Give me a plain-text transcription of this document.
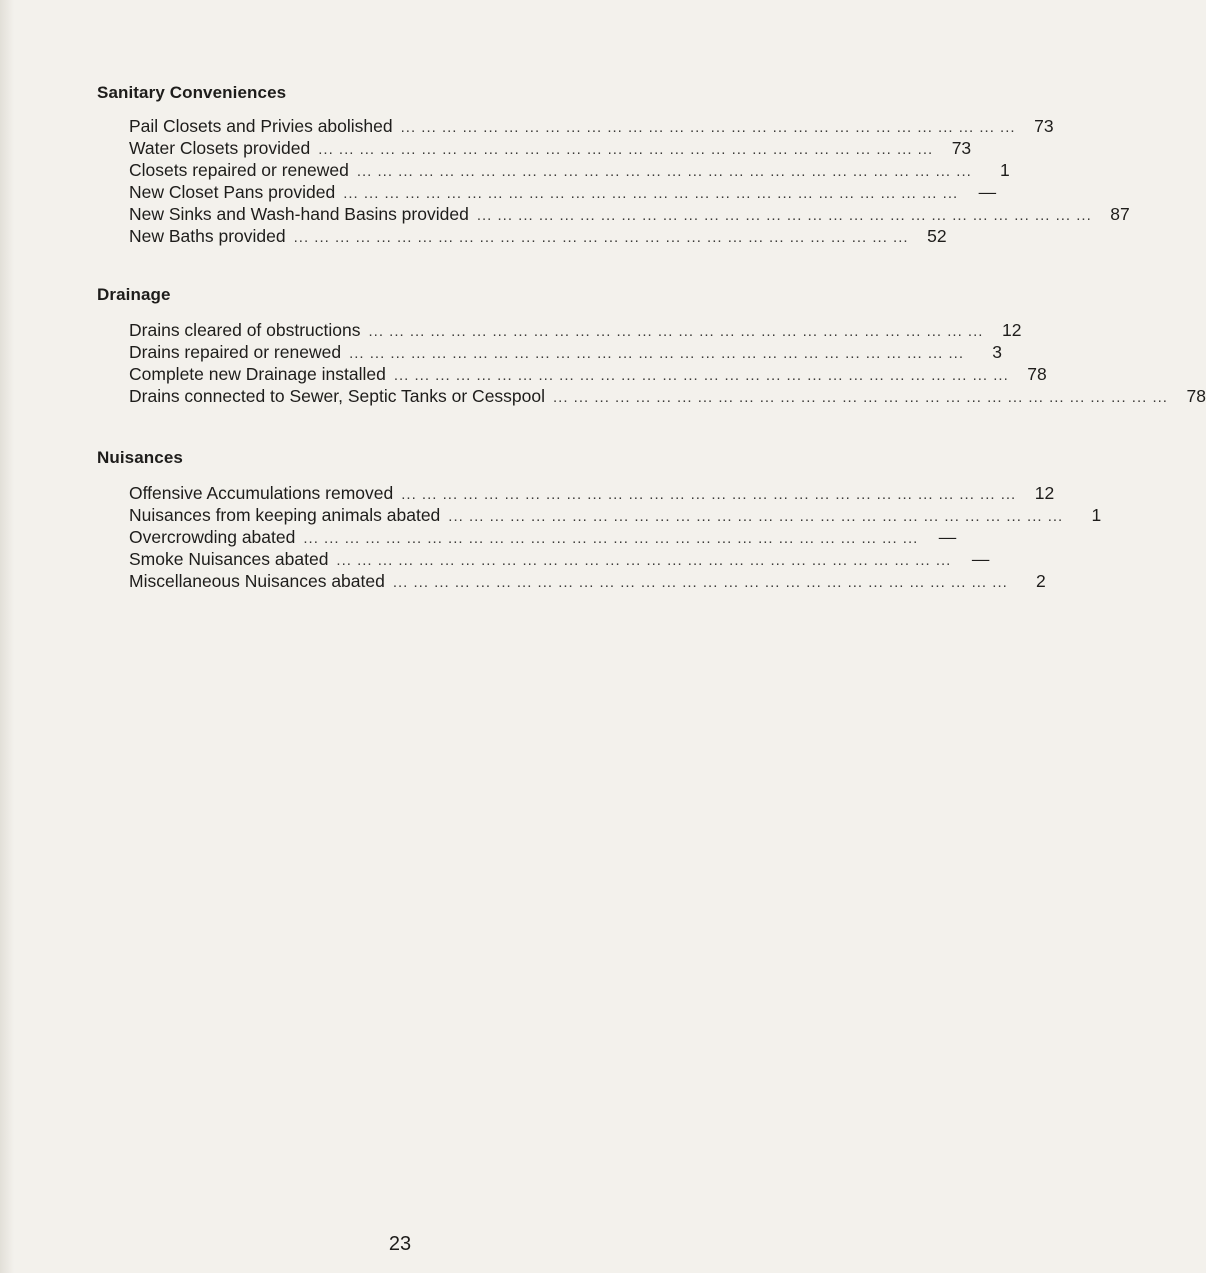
Sanitary Conveniences
Pail Closets and Privies abolished ... ... ... ... ... ... ... ... ... ... ... ... ... ... ... ... ... ... ... ... ... ... ... ... ... ... ... ... ... ...	73
Water Closets provided ... ... ... ... ... ... ... ... ... ... ... ... ... ... ... ... ... ... ... ... ... ... ... ... ... ... ... ... ... ...	73
Closets repaired or renewed ... ... ... ... ... ... ... ... ... ... ... ... ... ... ... ... ... ... ... ... ... ... ... ... ... ... ... ... ... ...	1
New Closet Pans provided ... ... ... ... ... ... ... ... ... ... ... ... ... ... ... ... ... ... ... ... ... ... ... ... ... ... ... ... ... ...	—
New Sinks and Wash-hand Basins provided ... ... ... ... ... ... ... ... ... ... ... ... ... ... ... ... ... ... ... ... ... ... ... ... ... ... ... ... ... ...	87
New Baths provided ... ... ... ... ... ... ... ... ... ... ... ... ... ... ... ... ... ... ... ... ... ... ... ... ... ... ... ... ... ...	52
Drainage
Drains cleared of obstructions ... ... ... ... ... ... ... ... ... ... ... ... ... ... ... ... ... ... ... ... ... ... ... ... ... ... ... ... ... ...	12
Drains repaired or renewed ... ... ... ... ... ... ... ... ... ... ... ... ... ... ... ... ... ... ... ... ... ... ... ... ... ... ... ... ... ...	3
Complete new Drainage installed ... ... ... ... ... ... ... ... ... ... ... ... ... ... ... ... ... ... ... ... ... ... ... ... ... ... ... ... ... ...	78
Drains connected to Sewer, Septic Tanks or Cesspool ... ... ... ... ... ... ... ... ... ... ... ... ... ... ... ... ... ... ... ... ... ... ... ... ... ... ... ... ... ...	78
Nuisances
Offensive Accumulations removed ... ... ... ... ... ... ... ... ... ... ... ... ... ... ... ... ... ... ... ... ... ... ... ... ... ... ... ... ... ...	12
Nuisances from keeping animals abated ... ... ... ... ... ... ... ... ... ... ... ... ... ... ... ... ... ... ... ... ... ... ... ... ... ... ... ... ... ...	1
Overcrowding abated ... ... ... ... ... ... ... ... ... ... ... ... ... ... ... ... ... ... ... ... ... ... ... ... ... ... ... ... ... ...	—
Smoke Nuisances abated ... ... ... ... ... ... ... ... ... ... ... ... ... ... ... ... ... ... ... ... ... ... ... ... ... ... ... ... ... ...	—
Miscellaneous Nuisances abated ... ... ... ... ... ... ... ... ... ... ... ... ... ... ... ... ... ... ... ... ... ... ... ... ... ... ... ... ... ...	2
23
